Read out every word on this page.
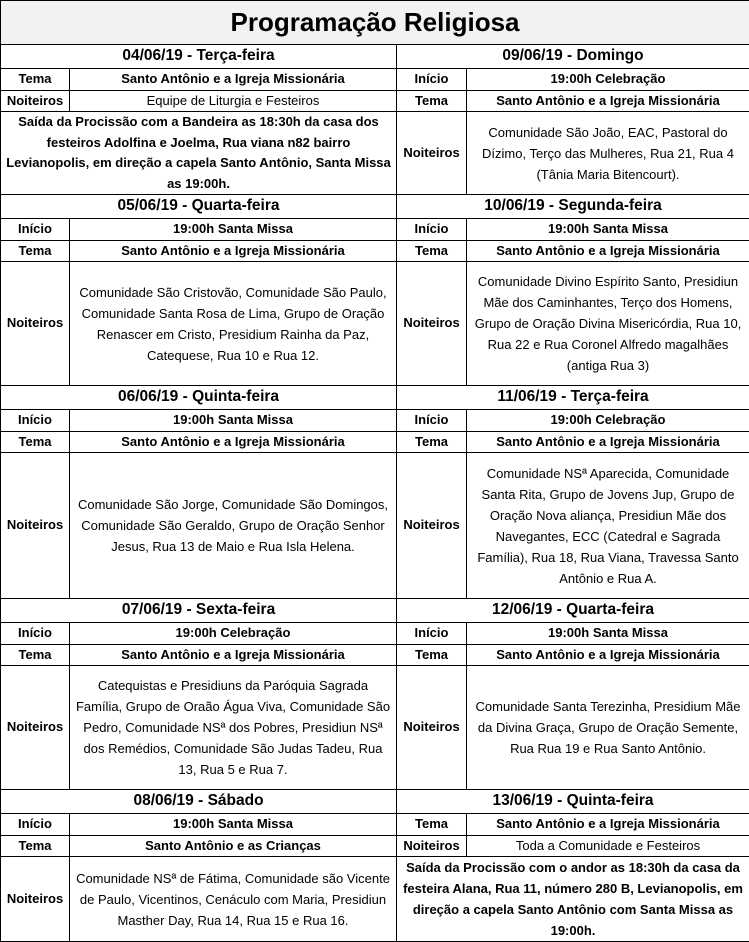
Programação Religiosa			
04/06/19 - Terça-feira		09/06/19 - Domingo	
Tema	Santo Antônio e a Igreja Missionária	Início	19:00h Celebração
Noiteiros	Equipe de Liturgia e Festeiros	Tema	Santo Antônio e a Igreja Missionária
Saída da Procissão com a Bandeira as 18:30h da casa dos festeiros Adolfina e Joelma, Rua viana n82 bairro Levianopolis, em direção a capela Santo Antônio, Santa Missa as 19:00h.		Noiteiros	Comunidade São João, EAC, Pastoral do Dízimo, Terço das Mulheres, Rua 21, Rua 4 (Tânia Maria Bitencourt).
05/06/19 - Quarta-feira		10/06/19 - Segunda-feira	
Início	19:00h Santa Missa	Início	19:00h Santa Missa
Tema	Santo Antônio e a Igreja Missionária	Tema	Santo Antônio e a Igreja Missionária
Noiteiros	Comunidade São Cristovão, Comunidade São Paulo, Comunidade Santa Rosa de Lima, Grupo de Oração Renascer em Cristo, Presidium Rainha da Paz, Catequese, Rua 10 e Rua 12.	Noiteiros	Comunidade Divino Espírito Santo, Presidiun Mãe dos Caminhantes, Terço dos Homens, Grupo de Oração Divina Misericórdia, Rua 10, Rua 22 e Rua Coronel Alfredo magalhães (antiga Rua 3)
06/06/19 - Quinta-feira		11/06/19 - Terça-feira	
Início	19:00h Santa Missa	Início	19:00h Celebração
Tema	Santo Antônio e a Igreja Missionária	Tema	Santo Antônio e a Igreja Missionária
Noiteiros	Comunidade São Jorge, Comunidade São Domingos, Comunidade São Geraldo, Grupo de Oração Senhor Jesus, Rua 13 de Maio e Rua Isla Helena.	Noiteiros	Comunidade NSª Aparecida, Comunidade Santa Rita, Grupo de Jovens Jup, Grupo de Oração Nova aliança, Presidiun Mãe dos Navegantes, ECC (Catedral e Sagrada Família), Rua 18, Rua Viana, Travessa Santo Antônio e Rua A.
07/06/19 - Sexta-feira		12/06/19 - Quarta-feira	
Início	19:00h Celebração	Início	19:00h Santa Missa
Tema	Santo Antônio e a Igreja Missionária	Tema	Santo Antônio e a Igreja Missionária
Noiteiros	Catequistas e Presidiuns da Paróquia Sagrada Família, Grupo de Oraão Água Viva, Comunidade São Pedro, Comunidade NSª dos Pobres, Presidiun NSª dos Remédios, Comunidade São Judas Tadeu, Rua 13, Rua 5 e Rua 7.	Noiteiros	Comunidade Santa Terezinha, Presidium Mãe da Divina Graça, Grupo de Oração Semente, Rua Rua 19 e Rua Santo Antônio.
08/06/19 - Sábado		13/06/19 - Quinta-feira	
Início	19:00h Santa Missa	Tema	Santo Antônio e a Igreja Missionária
Tema	Santo Antônio e as Crianças	Noiteiros	Toda a Comunidade e Festeiros
Noiteiros	Comunidade NSª de Fátima, Comunidade são Vicente de Paulo, Vicentinos, Cenáculo com Maria, Presidiun Masther Day, Rua 14, Rua 15 e Rua 16.	Saída da Procissão com o andor as 18:30h da casa da festeira Alana, Rua 11, número 280 B, Levianopolis, em direção a capela Santo Antônio com Santa Missa as 19:00h.	
